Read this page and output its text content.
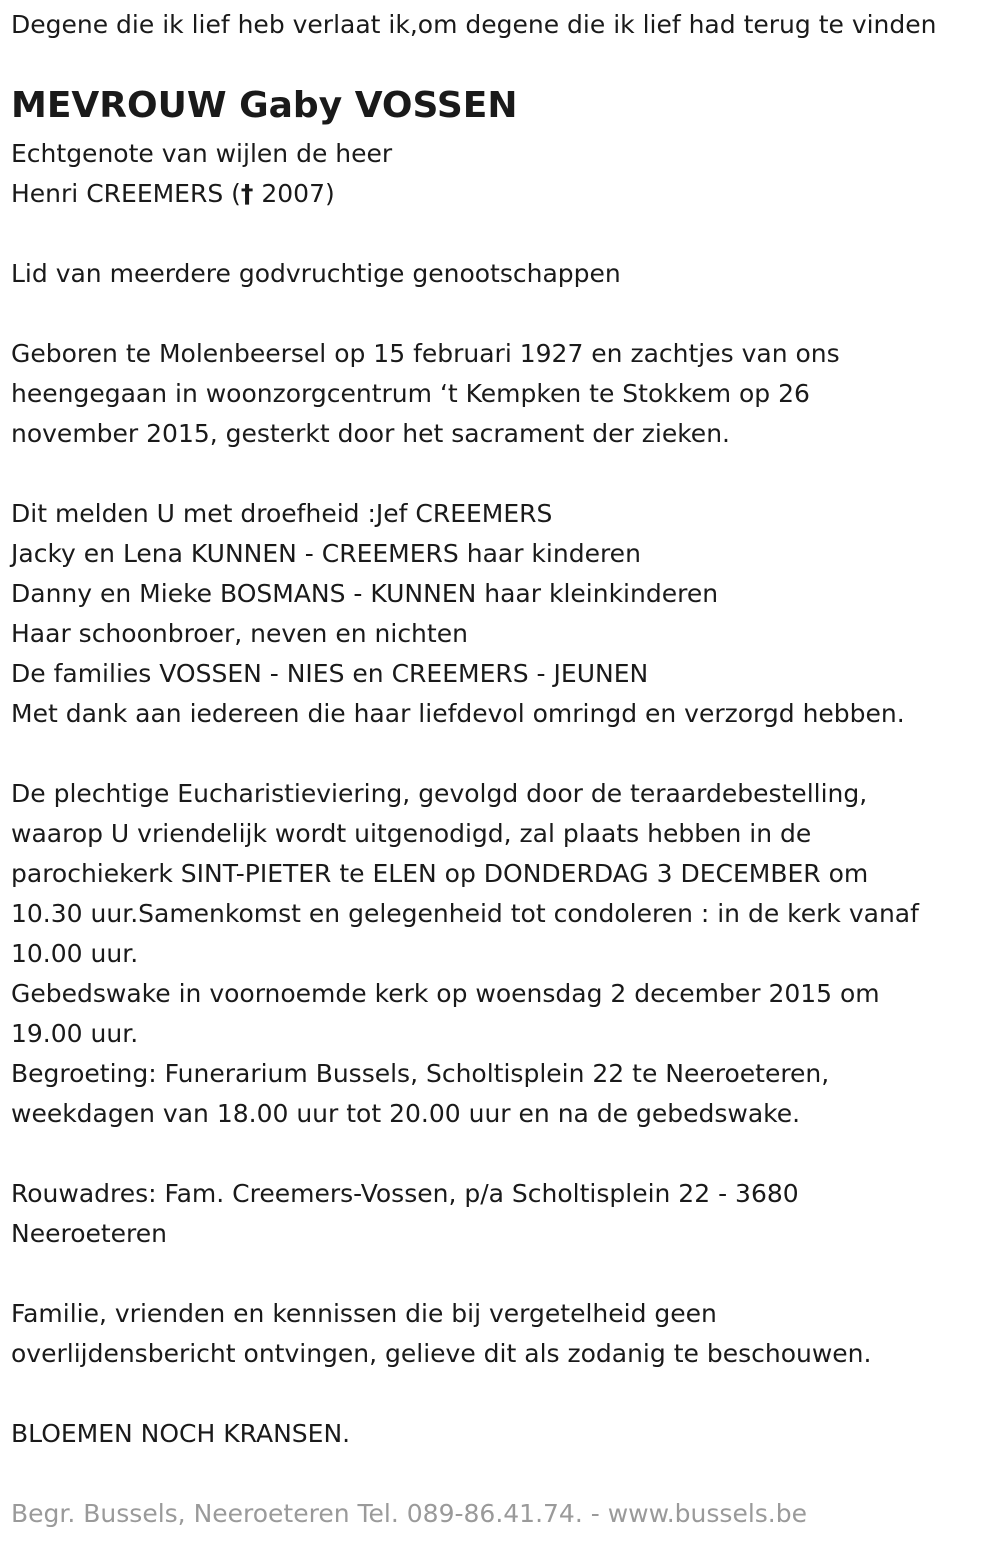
Degene die ik lief heb verlaat ik,om degene die ik lief had terug te vinden
MEVROUW Gaby VOSSEN
Echtgenote van wijlen de heer
Henri CREEMERS († 2007)
Lid van meerdere godvruchtige genootschappen
Geboren te Molenbeersel op 15 februari 1927 en zachtjes van ons
heengegaan in woonzorgcentrum ‘t Kempken te Stokkem op 26
november 2015, gesterkt door het sacrament der zieken.
Dit melden U met droefheid :Jef CREEMERS
Jacky en Lena KUNNEN - CREEMERS haar kinderen
Danny en Mieke BOSMANS - KUNNEN haar kleinkinderen
Haar schoonbroer, neven en nichten
De families VOSSEN - NIES en CREEMERS - JEUNEN
Met dank aan iedereen die haar liefdevol omringd en verzorgd hebben.
De plechtige Eucharistieviering, gevolgd door de teraardebestelling,
waarop U vriendelijk wordt uitgenodigd, zal plaats hebben in de
parochiekerk SINT-PIETER te ELEN op DONDERDAG 3 DECEMBER om
10.30 uur.Samenkomst en gelegenheid tot condoleren : in de kerk vanaf
10.00 uur.
Gebedswake in voornoemde kerk op woensdag 2 december 2015 om
19.00 uur.
Begroeting: Funerarium Bussels, Scholtisplein 22 te Neeroeteren,
weekdagen van 18.00 uur tot 20.00 uur en na de gebedswake.
Rouwadres: Fam. Creemers-Vossen, p/a Scholtisplein 22 - 3680
Neeroeteren
Familie, vrienden en kennissen die bij vergetelheid geen
overlijdensbericht ontvingen, gelieve dit als zodanig te beschouwen.
BLOEMEN NOCH KRANSEN.
Begr. Bussels, Neeroeteren Tel. 089-86.41.74. - www.bussels.be
